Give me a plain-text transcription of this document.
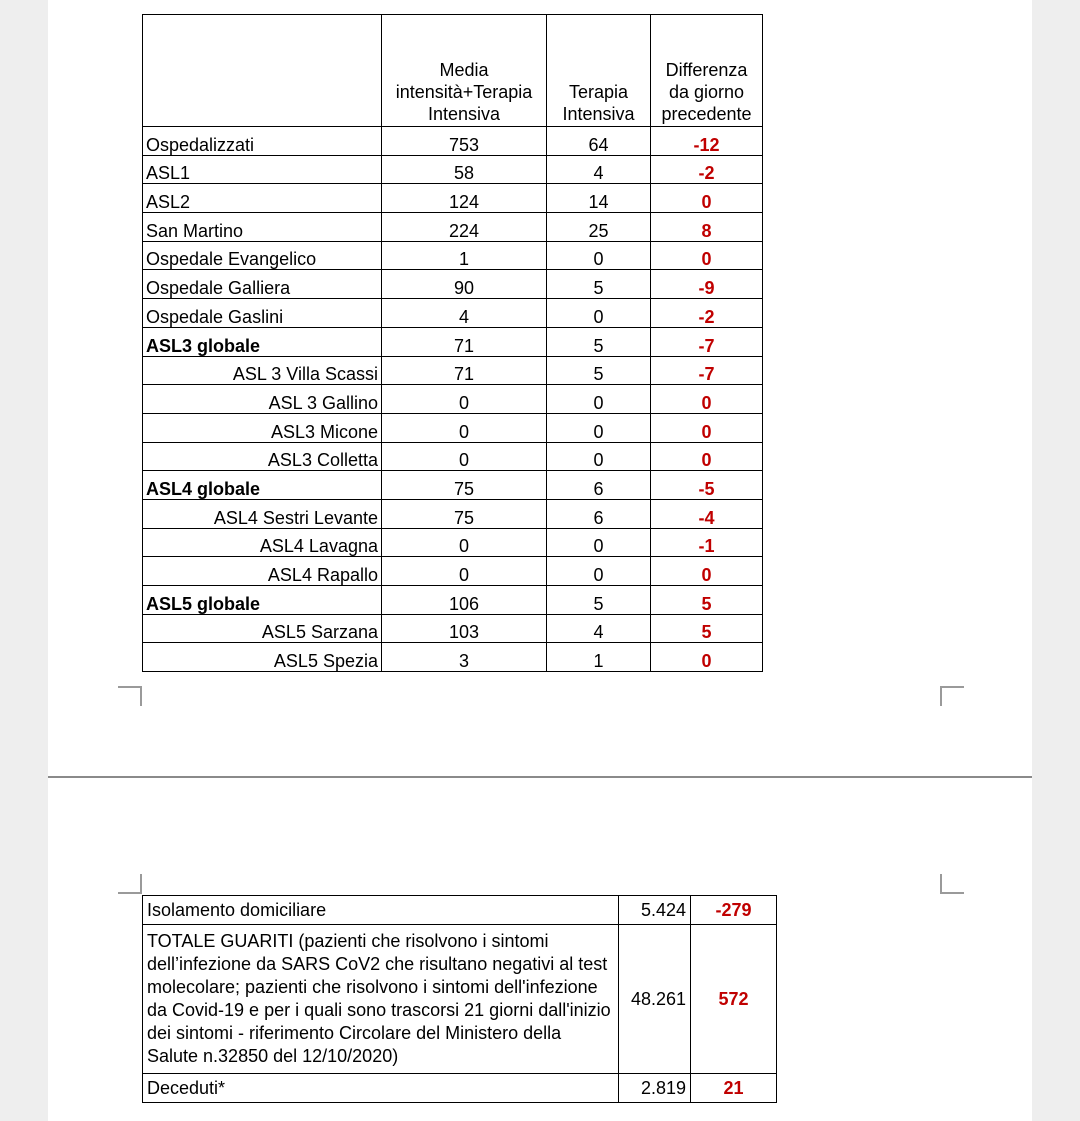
	Media
intensità+Terapia
Intensiva	Terapia
Intensiva	Differenza
da giorno
precedente
Ospedalizzati	753	64	-12
ASL1	58	4	-2
ASL2	124	14	0
San Martino	224	25	8
Ospedale Evangelico	1	0	0
Ospedale Galliera	90	5	-9
Ospedale Gaslini	4	0	-2
ASL3 globale	71	5	-7
ASL 3 Villa Scassi	71	5	-7
ASL 3 Gallino	0	0	0
ASL3 Micone	0	0	0
ASL3 Colletta	0	0	0
ASL4 globale	75	6	-5
ASL4 Sestri Levante	75	6	-4
ASL4 Lavagna	0	0	-1
ASL4 Rapallo	0	0	0
ASL5 globale	106	5	5
ASL5 Sarzana	103	4	5
ASL5 Spezia	3	1	0
Isolamento domiciliare	5.424	-279
TOTALE GUARITI (pazienti che risolvono i sintomi dell’infezione da SARS CoV2 che risultano negativi al test molecolare; pazienti che risolvono i sintomi dell'infezione da Covid-19 e per i quali sono trascorsi 21 giorni dall'inizio dei sintomi - riferimento Circolare del Ministero della Salute n.32850 del 12/10/2020)	48.261	572
Deceduti*	2.819	21
